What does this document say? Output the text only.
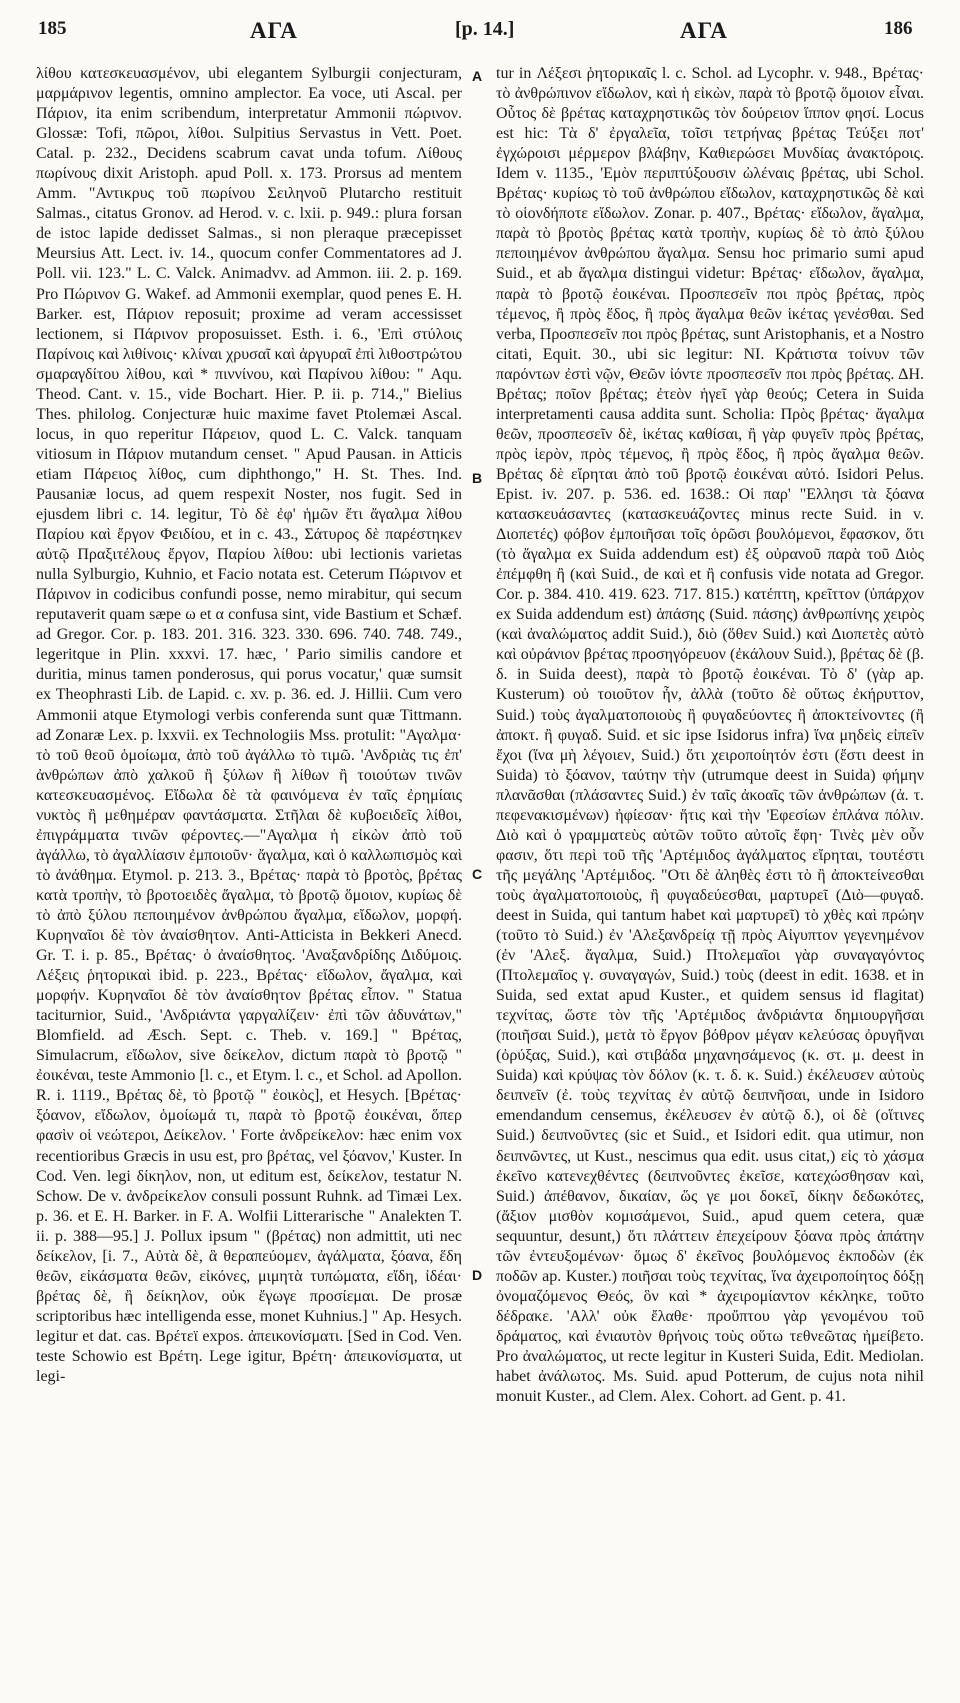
185	ΑΓΑ	[p. 14.]	ΑΓΑ	186

λίθου κατεσκευασμένον, ubi elegantem Sylburgii conjecturam, μαρμάρινον legentis, omnino amplector. Ea voce, uti Ascal. per Πάριον, ita enim scribendum, interpretatur Ammonii πώρινον. Glossæ: Tofi, πῶροι, λίθοι. Sulpitius Servastus in Vett. Poet. Catal. p. 232., Decidens scabrum cavat unda tofum. Λίθους πωρίνους dixit Aristoph. apud Poll. x. 173. Prorsus ad mentem Amm. "Αντικρυς τοῦ πωρίνου Σειληνοῦ Plutarcho restituit Salmas., citatus Gronov. ad Herod. v. c. lxii. p. 949.: plura forsan de istoc lapide dedisset Salmas., si non pleraque præcepisset Meursius Att. Lect. iv. 14., quocum confer Commentatores ad J. Poll. vii. 123." L. C. Valck. Animadvv. ad Ammon. iii. 2. p. 169. Pro Πώρινον G. Wakef. ad Ammonii exemplar, quod penes E. H. Barker. est, Πάριον reposuit; proxime ad veram accessisset lectionem, si Πάρινον proposuisset. Esth. i. 6., 'Επὶ στύλοις Παρίνοις καὶ λιθίνοις· κλίναι χρυσαῖ καὶ ἀργυραῖ ἐπὶ λιθοστρώτου σμαραγδίτου λίθου, καὶ * πιννίνου, καὶ Παρίνου λίθου: " Aqu. Theod. Cant. v. 15., vide Bochart. Hier. P. ii. p. 714.," Bielius Thes. philolog. Conjecturæ huic maxime favet Ptolemæi Ascal. locus, in quo reperitur Πάρειον, quod L. C. Valck. tanquam vitiosum in Πάριον mutandum censet. " Apud Pausan. in Atticis etiam Πάρειος λίθος, cum diphthongo," H. St. Thes. Ind. Pausaniæ locus, ad quem respexit Noster, nos fugit. Sed in ejusdem libri c. 14. legitur, Τὸ δὲ ἐφ' ἡμῶν ἔτι ἄγαλμα λίθου Παρίου καὶ ἔργον Φειδίου, et in c. 43., Σάτυρος δὲ παρέστηκεν αὐτῷ Πραξιτέλους ἔργον, Παρίου λίθου: ubi lectionis varietas nulla Sylburgio, Kuhnio, et Facio notata est. Ceterum Πώρινον et Πάρινον in codicibus confundi posse, nemo mirabitur, qui secum reputaverit quam sæpe ω et α confusa sint, vide Bastium et Schæf. ad Gregor. Cor. p. 183. 201. 316. 323. 330. 696. 740. 748. 749., legeritque in Plin. xxxvi. 17. hæc, ' Pario similis candore et duritia, minus tamen ponderosus, qui porus vocatur,' quæ sumsit ex Theophrasti Lib. de Lapid. c. xv. p. 36. ed. J. Hillii. Cum vero Ammonii atque Etymologi verbis conferenda sunt quæ Tittmann. ad Zonaræ Lex. p. lxxvii. ex Technologiis Mss. protulit: "Αγαλμα· τὸ τοῦ θεοῦ ὁμοίωμα, ἀπὸ τοῦ ἀγάλλω τὸ τιμῶ. 'Ανδριὰς τις ἐπ' ἀνθρώπων ἀπὸ χαλκοῦ ἢ ξύλων ἢ λίθων ἢ τοιούτων τινῶν κατεσκευασμένος. Εἴδωλα δὲ τὰ φαινόμενα ἐν ταῖς ἐρημίαις νυκτὸς ἢ μεθημέραν φαντάσματα. Στῆλαι δὲ κυβοειδεῖς λίθοι, ἐπιγράμματα τινῶν φέροντες.—"Αγαλμα ἡ εἰκὼν ἀπὸ τοῦ ἀγάλλω, τὸ ἀγαλλίασιν ἐμποιοῦν· ἄγαλμα, καὶ ὁ καλλωπισμὸς καὶ τὸ ἀνάθημα. Etymol. p. 213. 3., Βρέτας· παρὰ τὸ βροτὸς, βρέτας κατὰ τροπὴν, τὸ βροτοειδὲς ἄγαλμα, τὸ βροτῷ ὅμοιον, κυρίως δὲ τὸ ἀπὸ ξύλου πεποιημένον ἀνθρώπου ἄγαλμα, εἴδωλον, μορφή. Κυρηναῖοι δὲ τὸν ἀναίσθητον. Anti-Atticista in Bekkeri Anecd. Gr. T. i. p. 85., Βρέτας· ὁ ἀναίσθητος. 'Αναξανδρίδης Διδύμοις. Λέξεις ῥητορικαὶ ibid. p. 223., Βρέτας· εἴδωλον, ἄγαλμα, καὶ μορφήν. Κυρηναῖοι δὲ τὸν ἀναίσθητον βρέτας εἶπον. " Statua taciturnior, Suid., 'Ανδριάντα γαργαλίζειν· ἐπὶ τῶν ἀδυνάτων," Blomfield. ad Æsch. Sept. c. Theb. v. 169.] " Βρέτας, Simulacrum, εἴδωλον, sive δείκελον, dictum παρὰ τὸ βροτῷ " ἐοικέναι, teste Ammonio [l. c., et Etym. l. c., et Schol. ad Apollon. R. i. 1119., Βρέτας δὲ, τὸ βροτῷ " ἐοικὸς], et Hesych. [Βρέτας· ξόανον, εἴδωλον, ὁμοίωμά τι, παρὰ τὸ βροτῷ ἐοικέναι, ὅπερ φασὶν οἱ νεώτεροι, Δείκελον. ' Forte ἀνδρείκελον: hæc enim vox recentioribus Græcis in usu est, pro βρέτας, vel ξόανον,' Kuster. In Cod. Ven. legi δίκηλον, non, ut editum est, δείκελον, testatur N. Schow. De v. ἀνδρείκελον consuli possunt Ruhnk. ad Timæi Lex. p. 36. et E. H. Barker. in F. A. Wolfii Litterarische " Analekten T. ii. p. 388—95.] J. Pollux ipsum " (βρέτας) non admittit, uti nec δείκελον, [i. 7., Αὐτὰ δὲ, ἃ θεραπεύομεν, ἀγάλματα, ξόανα, ἕδη θεῶν, εἰκάσματα θεῶν, εἰκόνες, μιμητὰ τυπώματα, εἴδη, ἰδέαι· βρέτας δὲ, ἢ δείκηλον, οὐκ ἔγωγε προσίεμαι. De prosæ scriptoribus hæc intelligenda esse, monet Kuhnius.] " Ap. Hesych. legitur et dat. cas. Βρέτεϊ expos. ἀπεικονίσματι. [Sed in Cod. Ven. teste Schowio est Βρέτη. Lege igitur, Βρέτη· ἀπεικονίσματα, ut legi-

A
B
C
D

tur in Λέξεσι ῥητορικαῖς l. c. Schol. ad Lycophr. v. 948., Βρέτας· τὸ ἀνθρώπινον εἴδωλον, καὶ ἡ εἰκὼν, παρὰ τὸ βροτῷ ὅμοιον εἶναι. Οὗτος δὲ βρέτας καταχρηστικῶς τὸν δούρειον ἵππον φησί. Locus est hic: Τὰ δ' ἐργαλεῖα, τοῖσι τετρήνας βρέτας Τεύξει ποτ' ἐγχώροισι μέρμερον βλάβην, Καθιερώσει Μυνδίας ἀνακτόροις. Idem v. 1135., 'Εμὸν περιπτύξουσιν ὠλέναις βρέτας, ubi Schol. Βρέτας· κυρίως τὸ τοῦ ἀνθρώπου εἴδωλον, καταχρηστικῶς δὲ καὶ τὸ οἱονδήποτε εἴδωλον. Zonar. p. 407., Βρέτας· εἴδωλον, ἄγαλμα, παρὰ τὸ βροτὸς βρέτας κατὰ τροπὴν, κυρίως δὲ τὸ ἀπὸ ξύλου πεποιημένον ἀνθρώπου ἄγαλμα. Sensu hoc primario sumi apud Suid., et ab ἄγαλμα distingui videtur: Βρέτας· εἴδωλον, ἄγαλμα, παρὰ τὸ βροτῷ ἐοικέναι. Προσπεσεῖν ποι πρὸς βρέτας, πρὸς τέμενος, ἢ πρὸς ἕδος, ἢ πρὸς ἄγαλμα θεῶν ἱκέτας γενέσθαι. Sed verba, Προσπεσεῖν ποι πρὸς βρέτας, sunt Aristophanis, et a Nostro citati, Equit. 30., ubi sic legitur: ΝΙ. Κράτιστα τοίνυν τῶν παρόντων ἐστὶ νῷν, Θεῶν ἰόντε προσπεσεῖν ποι πρὸς βρέτας. ΔΗ. Βρέτας; ποῖον βρέτας; ἐτεὸν ἡγεῖ γὰρ θεούς; Cetera in Suida interpretamenti causa addita sunt. Scholia: Πρὸς βρέτας· ἄγαλμα θεῶν, προσπεσεῖν δὲ, ἱκέτας καθίσαι, ἢ γὰρ φυγεῖν πρὸς βρέτας, πρὸς ἱερὸν, πρὸς τέμενος, ἢ πρὸς ἕδος, ἢ πρὸς ἄγαλμα θεῶν. Βρέτας δὲ εἴρηται ἀπὸ τοῦ βροτῷ ἐοικέναι αὐτό. Isidori Pelus. Epist. iv. 207. p. 536. ed. 1638.: Οἱ παρ' "Ελλησι τὰ ξόανα κατασκευάσαντες (κατασκευάζοντες minus recte Suid. in v. Διοπετές) φόβον ἐμποιῆσαι τοῖς ὁρῶσι βουλόμενοι, ἔφασκον, ὅτι (τὸ ἄγαλμα ex Suida addendum est) ἐξ οὐρανοῦ παρὰ τοῦ Διὸς ἐπέμφθη ἢ (καὶ Suid., de καὶ et ἢ confusis vide notata ad Gregor. Cor. p. 384. 410. 419. 623. 717. 815.) κατέπτη, κρεῖττον (ὑπάρχον ex Suida addendum est) ἁπάσης (Suid. πάσης) ἀνθρωπίνης χειρὸς (καὶ ἀναλώματος addit Suid.), διὸ (ὅθεν Suid.) καὶ Διοπετὲς αὐτὸ καὶ οὐράνιον βρέτας προσηγόρευον (ἐκάλουν Suid.), βρέτας δὲ (β. δ. in Suida deest), παρὰ τὸ βροτῷ ἐοικέναι. Τὸ δ' (γὰρ ap. Kusterum) οὐ τοιοῦτον ἦν, ἀλλὰ (τοῦτο δὲ οὕτως ἐκήρυττον, Suid.) τοὺς ἀγαλματοποιοὺς ἢ φυγαδεύοντες ἢ ἀποκτείνοντες (ἢ ἀποκτ. ἢ φυγαδ. Suid. et sic ipse Isidorus infra) ἵνα μηδεὶς εἰπεῖν ἔχοι (ἵνα μὴ λέγοιεν, Suid.) ὅτι χειροποίητόν ἐστι (ἔστι deest in Suida) τὸ ξόανον, ταύτην τὴν (utrumque deest in Suida) φήμην πλανᾶσθαι (πλάσαντες Suid.) ἐν ταῖς ἀκοαῖς τῶν ἀνθρώπων (ἀ. τ. πεφενακισμένων) ἠφίεσαν· ἥτις καὶ τὴν 'Εφεσίων ἐπλάνα πόλιν. Διὸ καὶ ὁ γραμματεὺς αὐτῶν τοῦτο αὐτοῖς ἔφη· Τινὲς μὲν οὖν φασιν, ὅτι περὶ τοῦ τῆς 'Αρτέμιδος ἀγάλματος εἴρηται, τουτέστι τῆς μεγάλης 'Αρτέμιδος. "Οτι δὲ ἀληθὲς ἐστι τὸ ἢ ἀποκτείνεσθαι τοὺς ἀγαλματοποιοὺς, ἢ φυγαδεύεσθαι, μαρτυρεῖ (Διὸ—φυγαδ. deest in Suida, qui tantum habet καὶ μαρτυρεῖ) τὸ χθὲς καὶ πρώην (τοῦτο τὸ Suid.) ἐν 'Αλεξανδρείᾳ τῇ πρὸς Αἰγυπτον γεγενημένον (ἐν 'Αλεξ. ἄγαλμα, Suid.) Πτολεμαῖοι γὰρ συναγαγόντος (Πτολεμαῖος γ. συναγαγών, Suid.) τοὺς (deest in edit. 1638. et in Suida, sed extat apud Kuster., et quidem sensus id flagitat) τεχνίτας, ὥστε τὸν τῆς 'Αρτέμιδος ἀνδριάντα δημιουργῆσαι (ποιῆσαι Suid.), μετὰ τὸ ἔργον βόθρον μέγαν κελεύσας ὀρυγῆναι (ὀρύξας, Suid.), καὶ στιβάδα μηχανησάμενος (κ. στ. μ. deest in Suida) καὶ κρύψας τὸν δόλον (κ. τ. δ. κ. Suid.) ἐκέλευσεν αὐτοὺς δειπνεῖν (ἐ. τοὺς τεχνίτας ἐν αὐτῷ δειπνῆσαι, unde in Isidoro emendandum censemus, ἐκέλευσεν ἐν αὐτῷ δ.), οἱ δὲ (οἵτινες Suid.) δειπνοῦντες (sic et Suid., et Isidori edit. qua utimur, non δειπνῶντες, ut Kust., nescimus qua edit. usus citat,) εἰς τὸ χάσμα ἐκεῖνο κατενεχθέντες (δειπνοῦντες ἐκεῖσε, κατεχώσθησαν καὶ, Suid.) ἀπέθανον, δικαίαν, ὥς γε μοι δοκεῖ, δίκην δεδωκότες, (ἄξιον μισθὸν κομισάμενοι, Suid., apud quem cetera, quæ sequuntur, desunt,) ὅτι πλάττειν ἐπεχείρουν ξόανα πρὸς ἀπάτην τῶν ἐντευξομένων· ὅμως δ' ἐκεῖνος βουλόμενος ἐκποδὼν (ἐκ ποδῶν ap. Kuster.) ποιῆσαι τοὺς τεχνίτας, ἵνα ἀχειροποίητος δόξῃ ὀνομαζόμενος Θεός, ὃν καὶ * ἀχειρομίαντον κέκληκε, τοῦτο δέδρακε. 'Αλλ' οὐκ ἔλαθε· προὔπτου γὰρ γενομένου τοῦ δράματος, καὶ ἐνιαυτὸν θρήνοις τοὺς οὕτω τεθνεῶτας ἠμείβετο. Pro ἀναλώματος, ut recte legitur in Kusteri Suida, Edit. Mediolan. habet ἀνάλωτος. Ms. Suid. apud Potterum, de cujus nota nihil monuit Kuster., ad Clem. Alex. Cohort. ad Gent. p. 41.
